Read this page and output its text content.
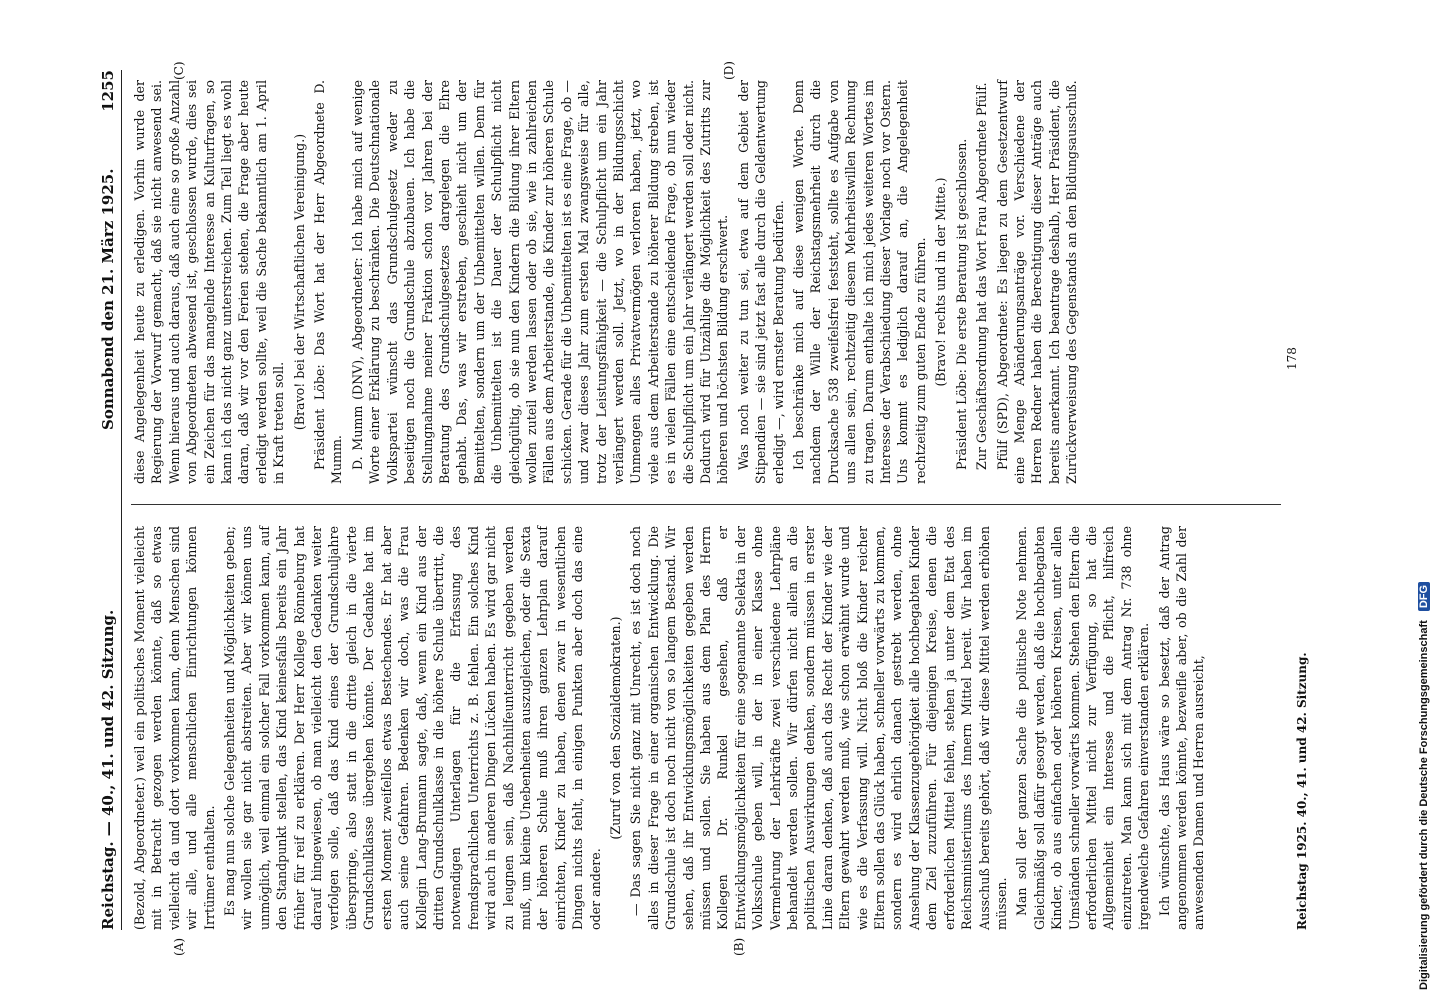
Reichstag. — 40., 41. und 42. Sitzung.
Sonnabend den 21. März 1925.
1255
(A)	(B)

(Bezold, Abgeordneter.) weil ein politisches Moment vielleicht mit in Betracht gezogen werden könnte, daß so etwas vielleicht da und dort vorkommen kann, denn Menschen sind wir alle, und alle menschlichen Einrichtungen können Irrtümer enthalten. Es mag nun solche Gelegenheiten und Möglichkeiten geben; wir wollen sie gar nicht abstreiten. Aber wir können uns unmöglich, weil einmal ein solcher Fall vorkommen kann, auf den Standpunkt stellen, das Kind keinesfalls bereits ein Jahr früher für reif zu erklären. Der Herr Kollege Rönneburg hat darauf hingewiesen, ob man vielleicht den Gedanken weiter verfolgen solle, daß das Kind eines der Grundschuljahre überspringe, also statt in die dritte gleich in die vierte Grundschulklasse übergehen könnte. Der Gedanke hat im ersten Moment zweifellos etwas Bestechendes. Er hat aber auch seine Gefahren. Bedenken wir doch, was die Frau Kollegin Lang-Brumann sagte, daß, wenn ein Kind aus der dritten Grundschulklasse in die höhere Schule übertritt, die notwendigen Unterlagen für die Erfassung des fremdsprachlichen Unterrichts z. B. fehlen. Ein solches Kind wird auch in anderen Dingen Lücken haben. Es wird gar nicht zu leugnen sein, daß Nachhilfeunterricht gegeben werden muß, um kleine Unebenheiten auszugleichen, oder die Sexta der höheren Schule muß ihren ganzen Lehrplan darauf einrichten, Kinder zu haben, denen zwar in wesentlichen Dingen nichts fehlt, in einigen Punkten aber doch das eine oder andere.

(Zuruf von den Sozialdemokraten.) — Das sagen Sie nicht ganz mit Unrecht, es ist doch noch alles in dieser Frage in einer organischen Entwicklung. Die Grundschule ist doch noch nicht von so langem Bestand. Wir sehen, daß ihr Entwicklungsmöglichkeiten gegeben werden müssen und sollen. Sie haben aus dem Plan des Herrn Kollegen Dr. Runkel gesehen, daß er Entwicklungsmöglichkeiten für eine sogenannte Selekta in der Volksschule geben will, in der in einer Klasse ohne Vermehrung der Lehrkräfte zwei verschiedene Lehrpläne behandelt werden sollen. Wir dürfen nicht allein an die politischen Auswirkungen denken, sondern müssen in erster Linie daran denken, daß auch das Recht der Kinder wie der Eltern gewahrt werden muß, wie schon erwähnt wurde und wie es die Verfassung will. Nicht bloß die Kinder reicher Eltern sollen das Glück haben, schneller vorwärts zu kommen, sondern es wird ehrlich danach gestrebt werden, ohne Ansehung der Klassenzugehörigkeit alle hochbegabten Kinder dem Ziel zuzuführen. Für diejenigen Kreise, denen die erforderlichen Mittel fehlen, stehen ja unter dem Etat des Reichsministeriums des Innern Mittel bereit. Wir haben im Ausschuß bereits gehört, daß wir diese Mittel werden erhöhen müssen. Man soll der ganzen Sache die politische Note nehmen. Gleichmäßig soll dafür gesorgt werden, daß die hochbegabten Kinder, ob aus einfachen oder höheren Kreisen, unter allen Umständen schneller vorwärts kommen. Stehen den Eltern die erforderlichen Mittel nicht zur Verfügung, so hat die Allgemeinheit ein Interesse und die Pflicht, hilfreich einzutreten. Man kann sich mit dem Antrag Nr. 738 ohne irgendwelche Gefahren einverstanden erklären. Ich wünschte, das Haus wäre so besetzt, daß der Antrag angenommen werden könnte, bezweifle aber, ob die Zahl der anwesenden Damen und Herren ausreicht,

(C)	(D)

diese Angelegenheit heute zu erledigen. Vorhin wurde der Regierung der Vorwurf gemacht, daß sie nicht anwesend sei. Wenn hieraus und auch daraus, daß auch eine so große Anzahl von Abgeordneten abwesend ist, geschlossen wurde, dies sei ein Zeichen für das mangelnde Interesse an Kulturfragen, so kann ich das nicht ganz unterstreichen. Zum Teil liegt es wohl daran, daß wir vor den Ferien stehen, die Frage aber heute erledigt werden sollte, weil die Sache bekanntlich am 1. April in Kraft treten soll. (Bravo! bei der Wirtschaftlichen Vereinigung.) Präsident Löbe: Das Wort hat der Herr Abgeordnete D. Mumm. D. Mumm (DNV), Abgeordneter: Ich habe mich auf wenige Worte einer Erklärung zu beschränken. Die Deutschnationale Volkspartei wünscht das Grundschulgesetz weder zu beseitigen noch die Grundschule abzubauen. Ich habe die Stellungnahme meiner Fraktion schon vor Jahren bei der Beratung des Grundschulgesetzes dargelegen die Ehre gehabt. Das, was wir erstreben, geschieht nicht um der Bemittelten, sondern um der Unbemittelten willen. Denn für die Unbemittelten ist die Dauer der Schulpflicht nicht gleichgültig, ob sie nun den Kindern die Bildung ihrer Eltern wollen zuteil werden lassen oder ob sie, wie in zahlreichen Fällen aus dem Arbeiterstande, die Kinder zur höheren Schule schicken. Gerade für die Unbemittelten ist es eine Frage, ob — und zwar dieses Jahr zum ersten Mal zwangsweise für alle, trotz der Leistungsfähigkeit — die Schulpflicht um ein Jahr verlängert werden soll. Jetzt, wo in der Bildungsschicht Unmengen alles Privatvermögen verloren haben, jetzt, wo viele aus dem Arbeiterstande zu höherer Bildung streben, ist es in vielen Fällen eine entscheidende Frage, ob nun wieder die Schulpflicht um ein Jahr verlängert werden soll oder nicht. Dadurch wird für Unzählige die Möglichkeit des Zutritts zur höheren und höchsten Bildung erschwert. Was noch weiter zu tun sei, etwa auf dem Gebiet der Stipendien — sie sind jetzt fast alle durch die Geldentwertung erledigt —, wird ernster Beratung bedürfen. Ich beschränke mich auf diese wenigen Worte. Denn nachdem der Wille der Reichstagsmehrheit durch die Drucksache 538 zweifelsfrei feststeht, sollte es Aufgabe von uns allen sein, rechtzeitig diesem Mehrheitswillen Rechnung zu tragen. Darum enthalte ich mich jedes weiteren Wortes im Interesse der Verabschiedung dieser Vorlage noch vor Ostern. Uns kommt es lediglich darauf an, die Angelegenheit rechtzeitig zum guten Ende zu führen. (Bravo! rechts und in der Mitte.) Präsident Löbe: Die erste Beratung ist geschlossen. Zur Geschäftsordnung hat das Wort Frau Abgeordnete Pfülf. Pfülf (SPD), Abgeordnete: Es liegen zu dem Gesetzentwurf eine Menge Abänderungsanträge vor. Verschiedene der Herren Redner haben die Berechtigung dieser Anträge auch bereits anerkannt. Ich beantrage deshalb, Herr Präsident, die Zurückverweisung des Gegenstands an den Bildungsausschuß.

Reichstag 1925. 40., 41. und 42. Sitzung.
178
Digitalisierung gefördert durch die Deutsche Forschungsgemeinschaft DFG
